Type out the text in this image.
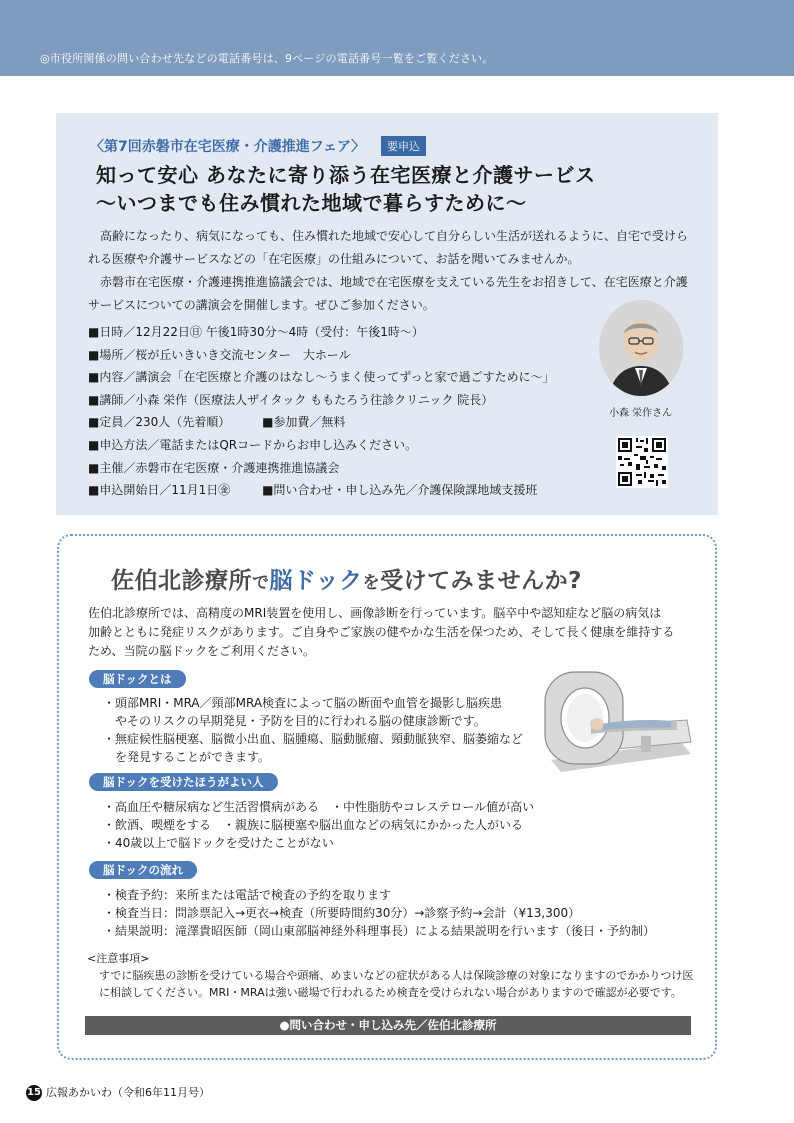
◎市役所関係の問い合わせ先などの電話番号は、9ページの電話番号一覧をご覧ください。
〈第7回赤磐市在宅医療・介護推進フェア〉	要申込
知って安心 あなたに寄り添う在宅医療と介護サービス
〜いつまでも住み慣れた地域で暮らすために〜

高齢になったり、病気になっても、住み慣れた地域で安心して自分らしい生活が送れるように、自宅で受けられる医療や介護サービスなどの「在宅医療」の仕組みについて、お話を聞いてみませんか。

赤磐市在宅医療・介護連携推進協議会では、地域で在宅医療を支えている先生をお招きして、在宅医療と介護サービスについての講演会を開催します。ぜひご参加ください。

■日時／12月22日㊐ 午後1時30分〜4時（受付：午後1時〜）
■場所／桜が丘いきいき交流センター　大ホール
■内容／講演会「在宅医療と介護のはなし〜うまく使ってずっと家で過ごすために〜」
■講師／小森 栄作（医療法人ザイタック ももたろう往診クリニック 院長）
■定員／230人（先着順）	■参加費／無料
■申込方法／電話またはQRコードからお申し込みください。
■主催／赤磐市在宅医療・介護連携推進協議会
■申込開始日／11月1日㊎	■問い合わせ・申し込み先／介護保険課地域支援班
小森 栄作さん
佐伯北診療所で脳ドックを受けてみませんか?
佐伯北診療所では、高精度のMRI装置を使用し、画像診断を行っています。脳卒中や認知症など脳の病気は
加齢とともに発症リスクがあります。ご自身やご家族の健やかな生活を保つため、そして長く健康を維持する
ため、当院の脳ドックをご利用ください。
脳ドックとは
・頭部MRI・MRA／頸部MRA検査によって脳の断面や血管を撮影し脳疾患
やそのリスクの早期発見・予防を目的に行われる脳の健康診断です。
・無症候性脳梗塞、脳微小出血、脳腫瘍、脳動脈瘤、頸動脈狭窄、脳萎縮など
を発見することができます。
脳ドックを受けたほうがよい人
・高血圧や糖尿病など生活習慣病がある　・中性脂肪やコレステロール値が高い
・飲酒、喫煙をする　・親族に脳梗塞や脳出血などの病気にかかった人がいる
・40歳以上で脳ドックを受けたことがない
脳ドックの流れ
・検査予約：来所または電話で検査の予約を取ります
・検査当日：問診票記入→更衣→検査（所要時間約30分）→診察予約→会計（¥13,300）
・結果説明：滝澤貴昭医師（岡山東部脳神経外科理事長）による結果説明を行います（後日・予約制）
<注意事項>
すでに脳疾患の診断を受けている場合や頭痛、めまいなどの症状がある人は保険診療の対象になりますのでかかりつけ医
に相談してください。MRI・MRAは強い磁場で行われるため検査を受けられない場合がありますので確認が必要です。
●問い合わせ・申し込み先／佐伯北診療所
15 広報あかいわ（令和6年11月号）
